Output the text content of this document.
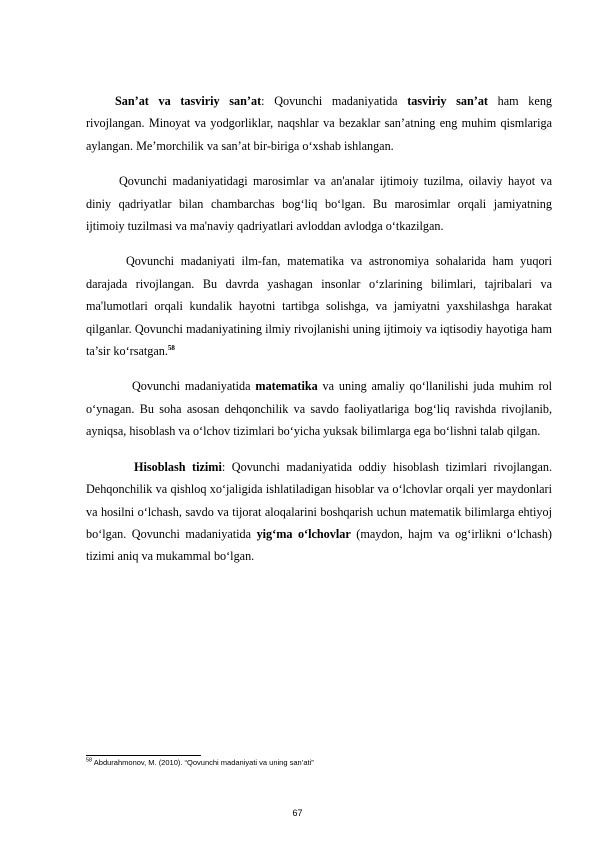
San’at va tasviriy san’at: Qovunchi madaniyatida tasviriy san’at ham keng rivojlangan. Minoyat va yodgorliklar, naqshlar va bezaklar san’atning eng muhim qismlariga aylangan. Me’morchilik va san’at bir-biriga o‘xshab ishlangan.

Qovunchi madaniyatidagi marosimlar va an'analar ijtimoiy tuzilma, oilaviy hayot va diniy qadriyatlar bilan chambarchas bog‘liq bo‘lgan. Bu marosimlar orqali jamiyatning ijtimoiy tuzilmasi va ma'naviy qadriyatlari avloddan avlodga o‘tkazilgan.

Qovunchi madaniyati ilm-fan, matematika va astronomiya sohalarida ham yuqori darajada rivojlangan. Bu davrda yashagan insonlar o‘zlarining bilimlari, tajribalari va ma'lumotlari orqali kundalik hayotni tartibga solishga, va jamiyatni yaxshilashga harakat qilganlar. Qovunchi madaniyatining ilmiy rivojlanishi uning ijtimoiy va iqtisodiy hayotiga ham ta’sir ko‘rsatgan.$^{58}$

Qovunchi madaniyatida matematika va uning amaliy qo‘llanilishi juda muhim rol o‘ynagan. Bu soha asosan dehqonchilik va savdo faoliyatlariga bog‘liq ravishda rivojlanib, ayniqsa, hisoblash va o‘lchov tizimlari bo‘yicha yuksak bilimlarga ega bo‘lishni talab qilgan.

Hisoblash tizimi: Qovunchi madaniyatida oddiy hisoblash tizimlari rivojlangan. Dehqonchilik va qishloq xo‘jaligida ishlatiladigan hisoblar va o‘lchovlar orqali yer maydonlari va hosilni o‘lchash, savdo va tijorat aloqalarini boshqarish uchun matematik bilimlarga ehtiyoj bo‘lgan. Qovunchi madaniyatida yig‘ma o‘lchovlar (maydon, hajm va og‘irlikni o‘lchash) tizimi aniq va mukammal bo‘lgan.

$^{58}$ Abdurahmonov, M. (2010). “Qovunchi madaniyati va uning san’ati”
67
